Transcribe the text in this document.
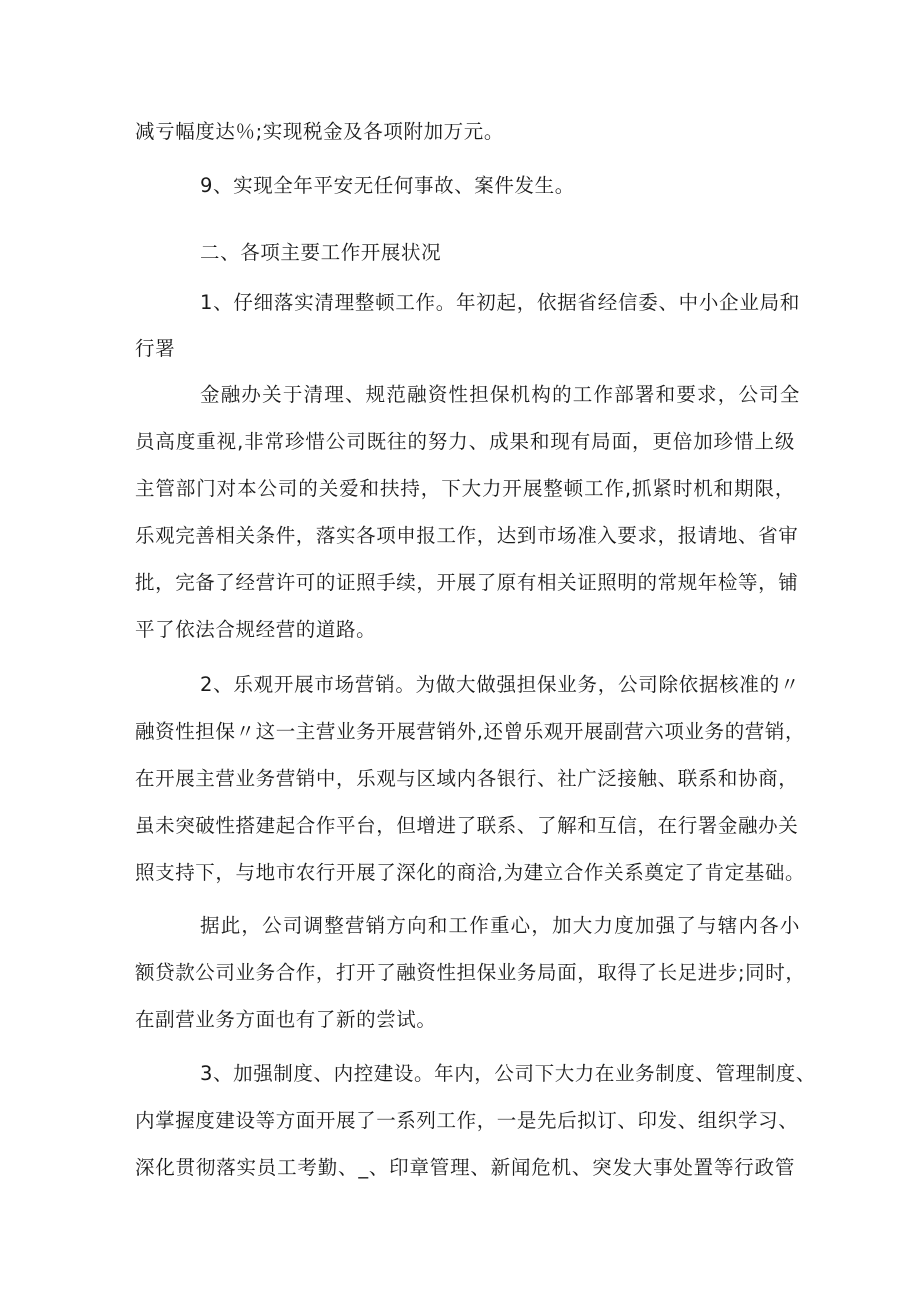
减亏幅度达％;实现税金及各项附加万元。
9、实现全年平安无任何事故、案件发生。
二、各项主要工作开展状况
1、仔细落实清理整顿工作。年初起，依据省经信委、中小企业局和
行署
金融办关于清理、规范融资性担保机构的工作部署和要求，公司全
员高度重视,非常珍惜公司既往的努力、成果和现有局面，更倍加珍惜上级
主管部门对本公司的关爱和扶持，下大力开展整顿工作,抓紧时机和期限，
乐观完善相关条件，落实各项申报工作，达到市场准入要求，报请地、省审
批，完备了经营许可的证照手续，开展了原有相关证照明的常规年检等，铺
平了依法合规经营的道路。
2、乐观开展市场营销。为做大做强担保业务，公司除依据核准的〃
融资性担保〃这一主营业务开展营销外,还曾乐观开展副营六项业务的营销，
在开展主营业务营销中，乐观与区域内各银行、社广泛接触、联系和协商，
虽未突破性搭建起合作平台，但增进了联系、了解和互信，在行署金融办关
照支持下，与地市农行开展了深化的商洽,为建立合作关系奠定了肯定基础。
据此，公司调整营销方向和工作重心，加大力度加强了与辖内各小
额贷款公司业务合作，打开了融资性担保业务局面，取得了长足进步;同时，
在副营业务方面也有了新的尝试。
3、加强制度、内控建设。年内，公司下大力在业务制度、管理制度、
内掌握度建设等方面开展了一系列工作，一是先后拟订、印发、组织学习、
深化贯彻落实员工考勤、_、印章管理、新闻危机、突发大事处置等行政管
